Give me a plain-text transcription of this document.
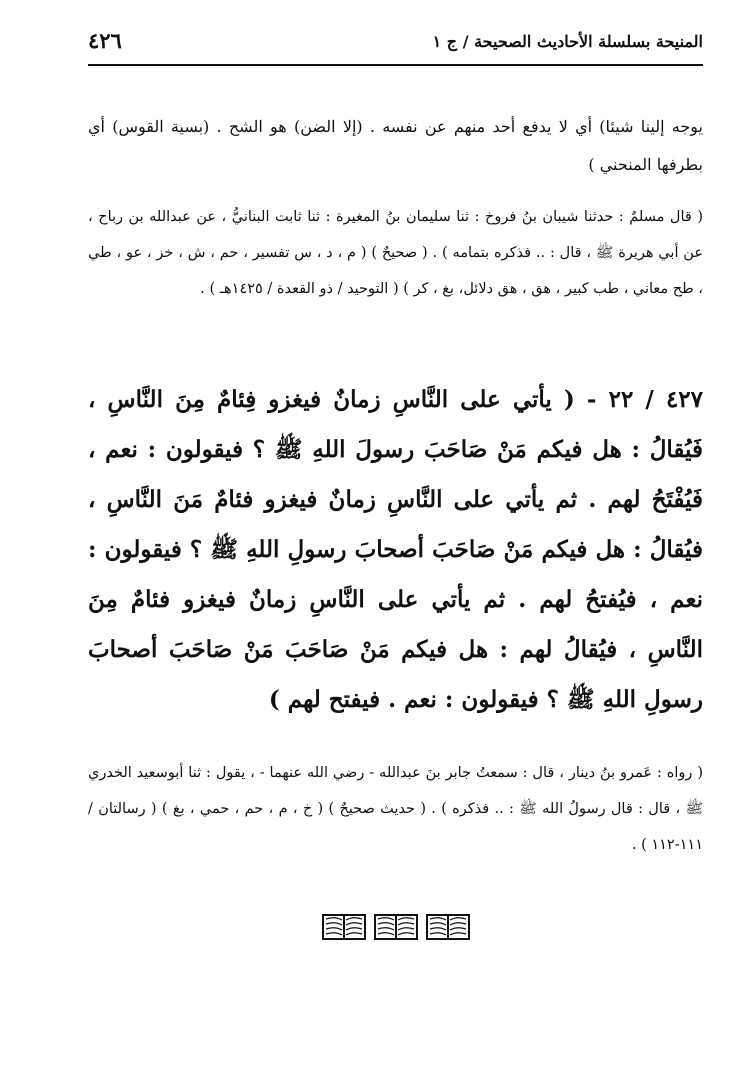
٤٢٦	المنيحة بسلسلة الأحاديث الصحيحة / ج ١

يوجه إلينا شيئا) أي لا يدفع أحد منهم عن نفسه . (إلا الضن) هو الشح . (بسية القوس) أي بطرفها المنحني )

( قال مسلمٌ : حدثنا شيبان بنُ فروخ : ثنا سليمان بنُ المغيرة : ثنا ثابت البنانيُّ ، عن عبدالله بن رباح ، عن أبي هريرة ﷺ ، قال : .. فذكره بتمامه ) . ( صحيحٌ ) ( م ، د ، س تفسير ، حم ، ش ، خز ، عو ، طي ، طح معاني ، طب كبير ، هق ، هق دلائل، بغ ، كر ) ( التوحيد / ذو القعدة / ١٤٢٥هـ ) .

٤٢٧ / ٢٢ - ( يأتي على النَّاسِ زمانٌ فيغزو فِئامٌ مِنَ النَّاسِ ، فَيُقالُ : هل فيكم مَنْ صَاحَبَ رسولَ اللهِ ﷺ ؟ فيقولون : نعم ، فَيُفْتَحُ لهم . ثم يأتي على النَّاسِ زمانٌ فيغزو فئامٌ مَنَ النَّاسِ ، فيُقالُ : هل فيكم مَنْ صَاحَبَ أصحابَ رسولِ اللهِ ﷺ ؟ فيقولون : نعم ، فيُفتحُ لهم . ثم يأتي على النَّاسِ زمانٌ فيغزو فئامٌ مِنَ النَّاسِ ، فيُقالُ لهم : هل فيكم مَنْ صَاحَبَ مَنْ صَاحَبَ أصحابَ رسولِ اللهِ ﷺ ؟ فيقولون : نعم . فيفتح لهم )

( رواه : عَمرو بنُ دينار ، قال : سمعتُ جابر بنَ عبدالله - رضي الله عنهما - ، يقول : ثنا أبوسعيد الخدري ﷺ ، قال : قال رسولُ الله ﷺ : .. فذكره ) . ( حديث صحيحٌ ) ( خ ، م ، حم ، حمي ، بغ ) ( رسالتان / ١١١-١١٢ ) .
